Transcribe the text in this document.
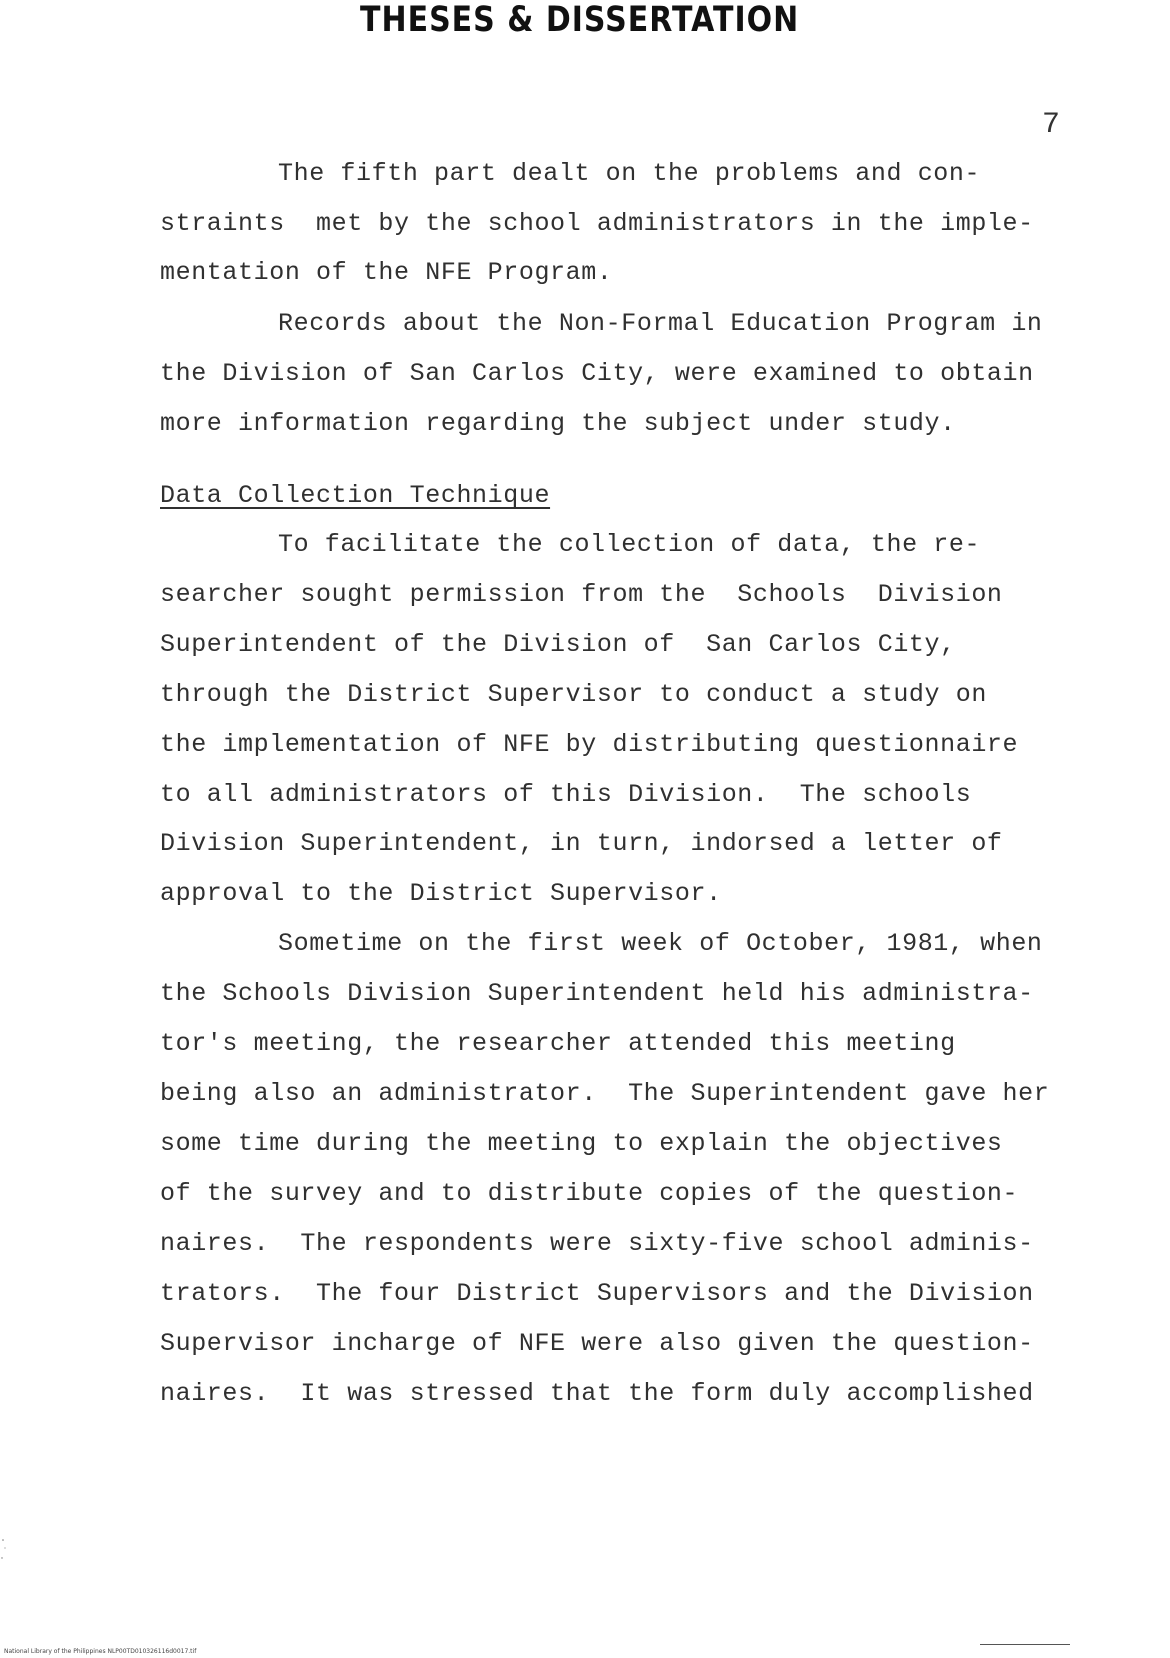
THESES & DISSERTATION
7
The fifth part dealt on the problems and con-
straints  met by the school administrators in the imple-
mentation of the NFE Program.
Records about the Non-Formal Education Program in
the Division of San Carlos City, were examined to obtain
more information regarding the subject under study.
Data Collection Technique
To facilitate the collection of data, the re-
searcher sought permission from the  Schools  Division
Superintendent of the Division of  San Carlos City,
through the District Supervisor to conduct a study on
the implementation of NFE by distributing questionnaire
to all administrators of this Division.  The schools
Division Superintendent, in turn, indorsed a letter of
approval to the District Supervisor.
Sometime on the first week of October, 1981, when
the Schools Division Superintendent held his administra-
tor's meeting, the researcher attended this meeting
being also an administrator.  The Superintendent gave her
some time during the meeting to explain the objectives
of the survey and to distribute copies of the question-
naires.  The respondents were sixty-five school adminis-
trators.  The four District Supervisors and the Division
Supervisor incharge of NFE were also given the question-
naires.  It was stressed that the form duly accomplished
National Library of the Philippines NLP00TD010326116d0017.tif
